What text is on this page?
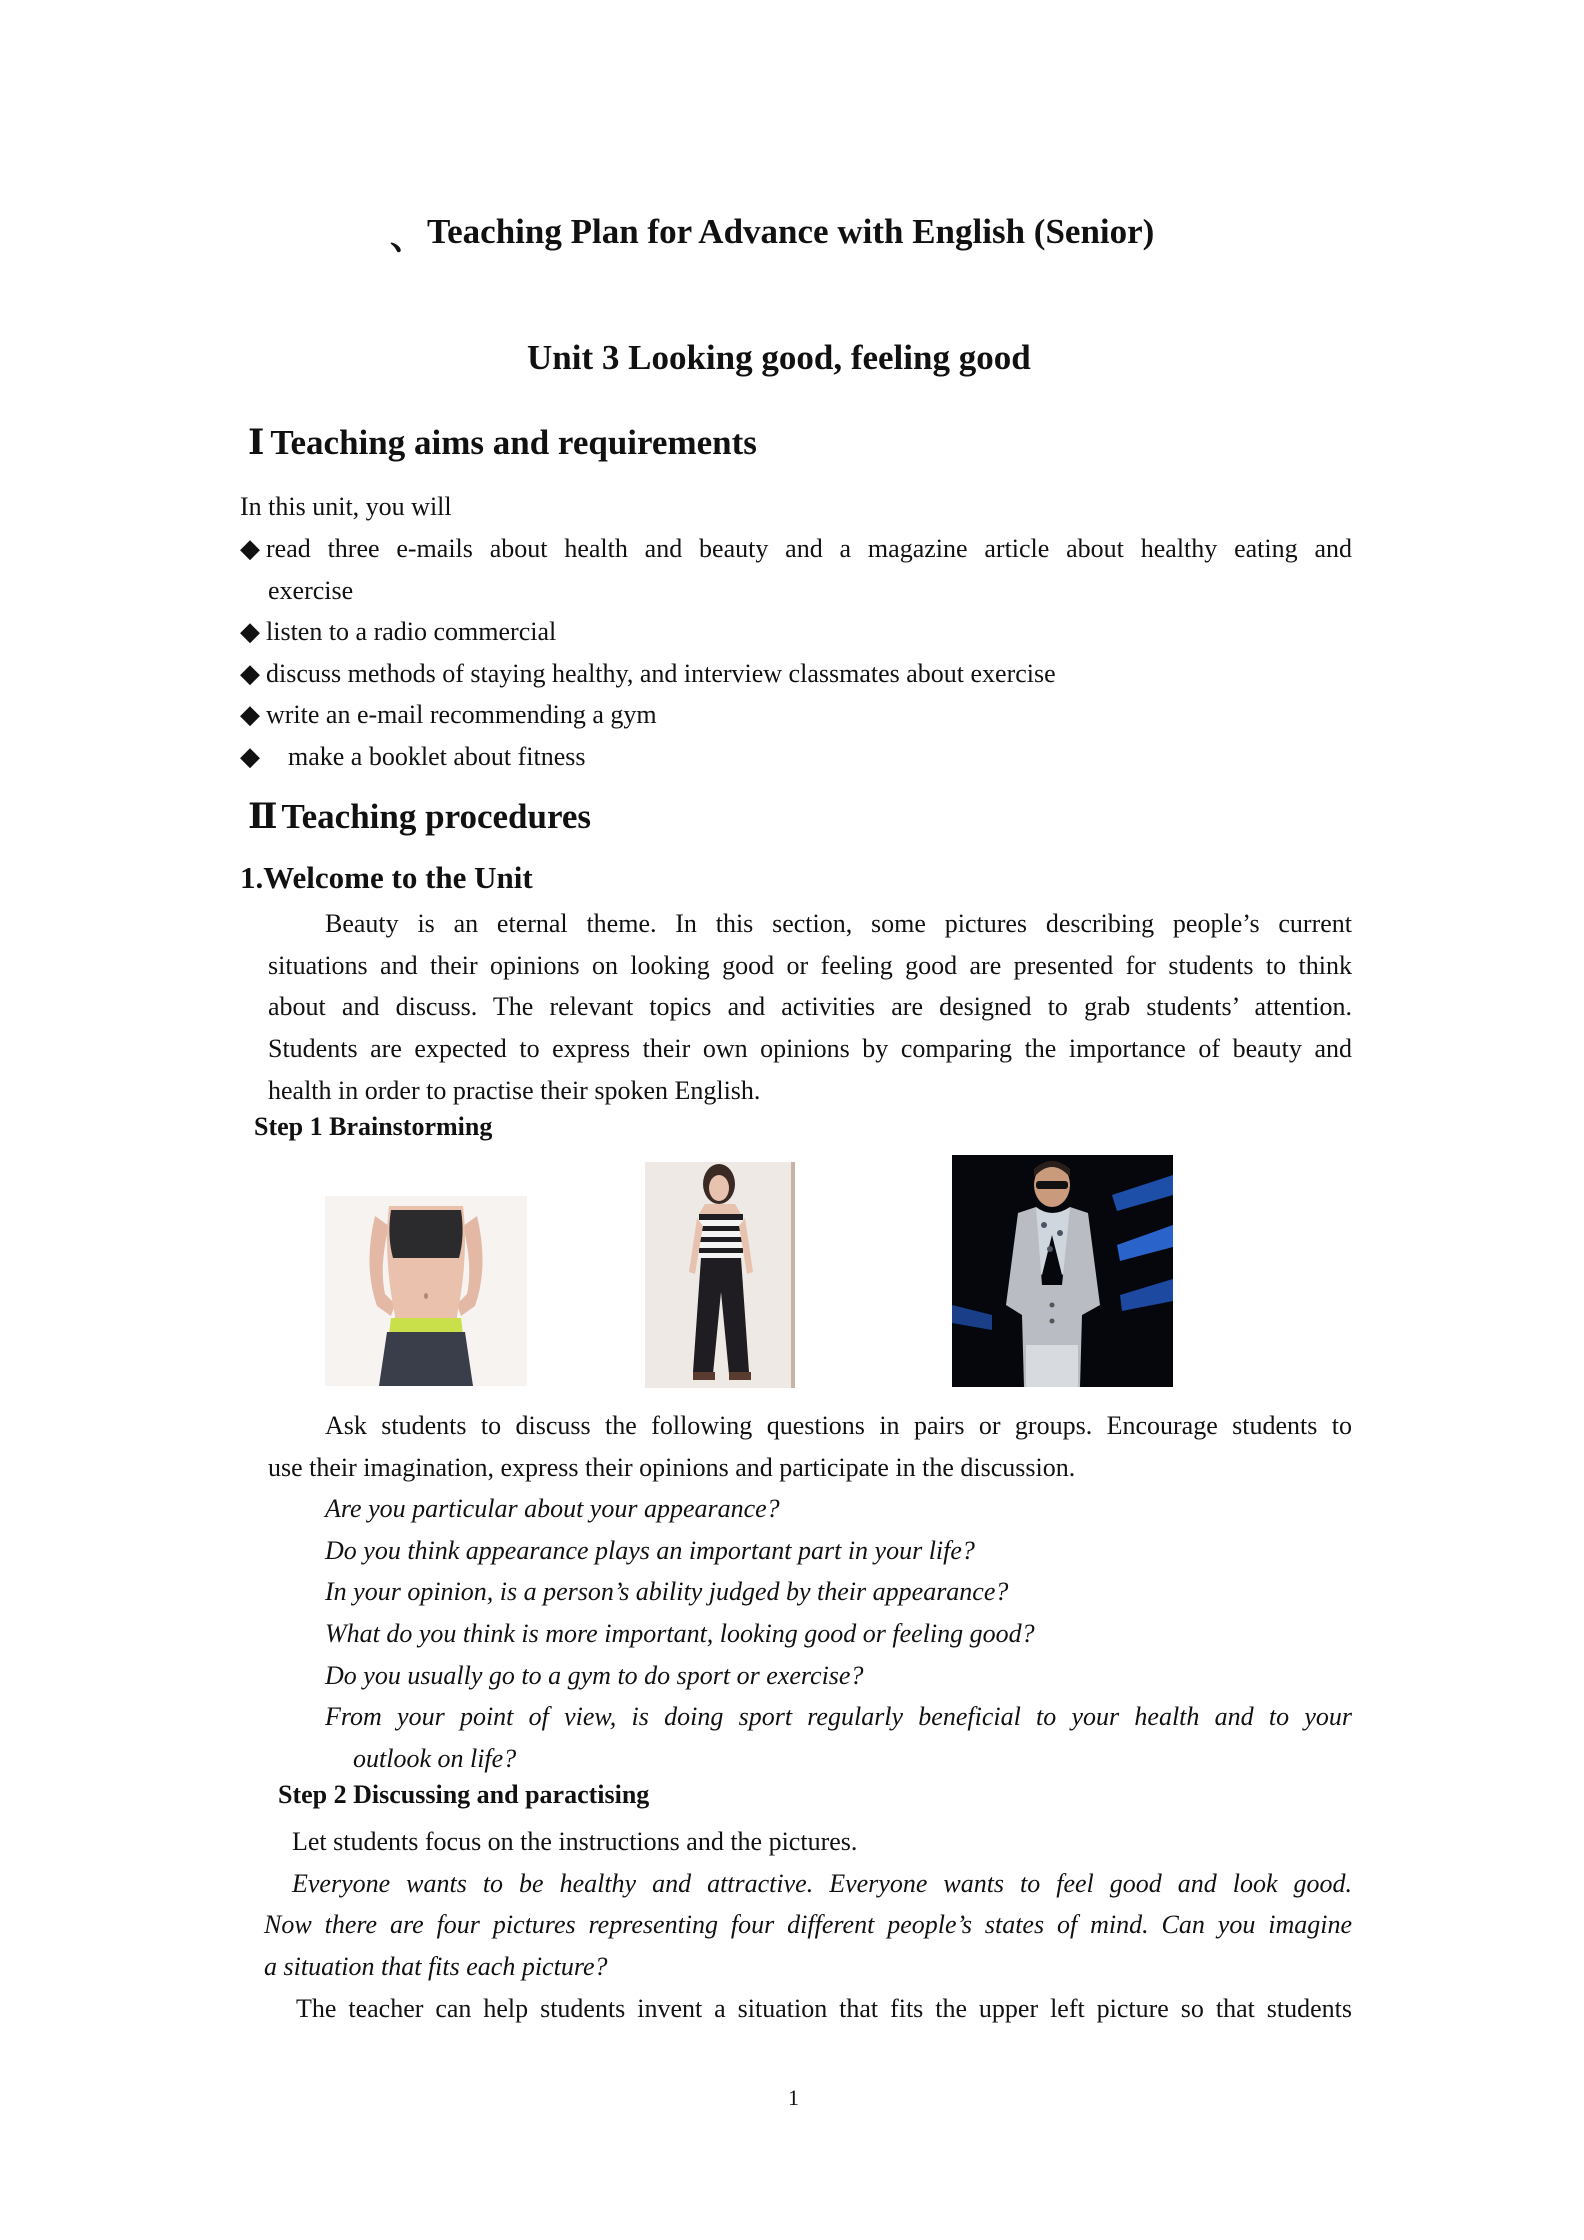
、 Teaching Plan for Advance with English (Senior)
Unit 3 Looking good, feeling good
Ⅰ Teaching aims and requirements
In this unit, you will
◆ read three e-mails about health and beauty and a magazine article about healthy eating and
exercise
◆ listen to a radio commercial
◆ discuss methods of staying healthy, and interview classmates about exercise
◆ write an e-mail recommending a gym
◆ make a booklet about fitness
Ⅱ Teaching procedures
1.Welcome to the Unit
Beauty is an eternal theme. In this section, some pictures describing people’s current
situations and their opinions on looking good or feeling good are presented for students to think
about and discuss. The relevant topics and activities are designed to grab students’ attention.
Students are expected to express their own opinions by comparing the importance of beauty and
health in order to practise their spoken English.
Step 1 Brainstorming
Ask students to discuss the following questions in pairs or groups. Encourage students to
use their imagination, express their opinions and participate in the discussion.
Are you particular about your appearance?
Do you think appearance plays an important part in your life?
In your opinion, is a person’s ability judged by their appearance?
What do you think is more important, looking good or feeling good?
Do you usually go to a gym to do sport or exercise?
From your point of view, is doing sport regularly beneficial to your health and to your
outlook on life?
Step 2 Discussing and paractising
Let students focus on the instructions and the pictures.
Everyone wants to be healthy and attractive. Everyone wants to feel good and look good.
Now there are four pictures representing four different people’s states of mind. Can you imagine
a situation that fits each picture?
The teacher can help students invent a situation that fits the upper left picture so that students
1
